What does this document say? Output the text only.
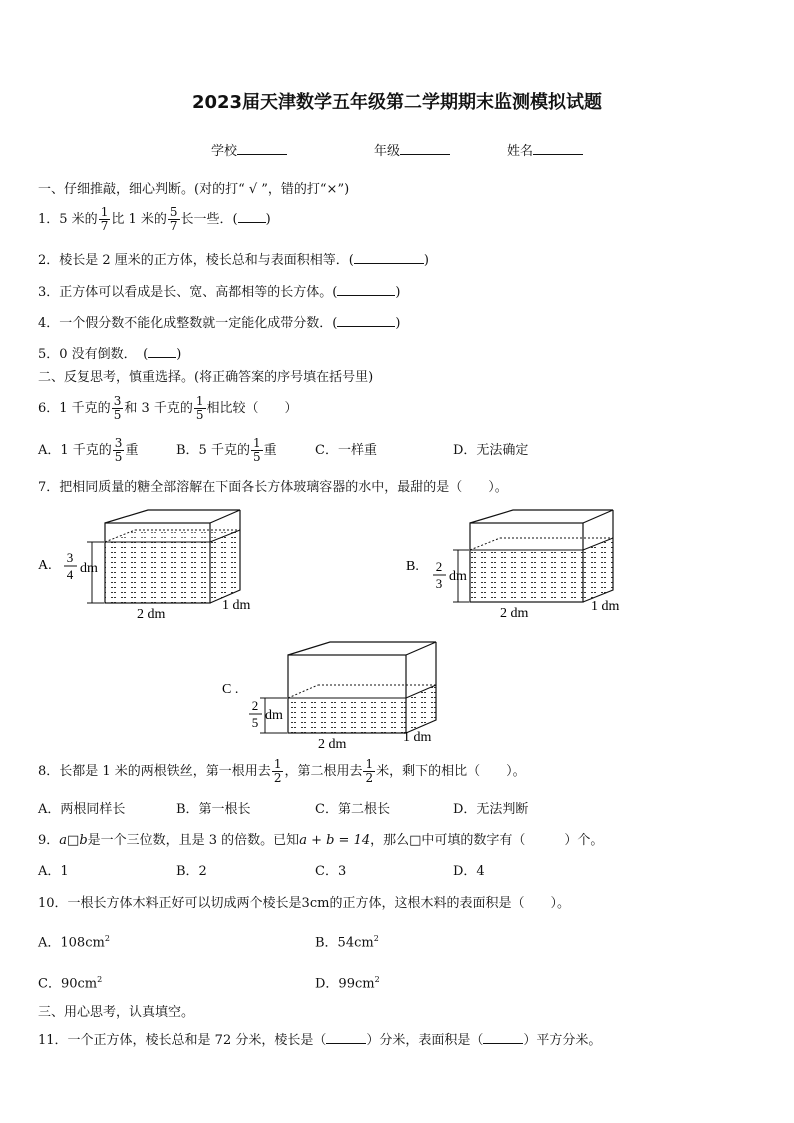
2023届天津数学五年级第二学期期末监测模拟试题
学校	年级	姓名
一、仔细推敲，细心判断。(对的打“ √ ”，错的打“×”)
1．5 米的 $\frac{1}{7}$ 比 1 米的 $\frac{5}{7}$ 长一些．( )
2．棱长是 2 厘米的正方体，棱长总和与表面积相等．(	)
3．正方体可以看成是长、宽、高都相等的长方体。(	)
4．一个假分数不能化成整数就一定能化成带分数．(	)
5．0 没有倒数．　( )
二、反复思考，慎重选择。(将正确答案的序号填在括号里)
6．1 千克的 $\frac{3}{5}$ 和 3 千克的 $\frac{1}{5}$ 相比较（　　）
A．1 千克的 $\frac{3}{5}$ 重	B．5 千克的 $\frac{1}{5}$ 重	C．一样重	D．无法确定
7．把相同质量的糖全部溶解在下面各长方体玻璃容器的水中，最甜的是（　　）。
A.
3
4 dm
2 dm
1 dm
B. 2
3 dm
2 dm	1 dm
C .
2
5 dm
2 dm	1 dm
8．长都是 1 米的两根铁丝，第一根用去 $\frac{1}{2}$ ，第二根用去 $\frac{1}{2}$ 米，剩下的相比（　　）。
A．两根同样长	B．第一根长	C．第二根长	D．无法判断
9．a□b是一个三位数，且是 3 的倍数。已知a + b = 14，那么□中可填的数字有（　　　）个。
A．1	B．2	C．3	D．4
10．一根长方体木料正好可以切成两个棱长是3cm的正方体，这根木料的表面积是（　　）。
A．$108cm^2$	B．$54cm^2$
C．$90cm^2$	D．$99cm^2$
三、用心思考，认真填空。
11．一个正方体，棱长总和是 72 分米，棱长是（	）分米，表面积是（	）平方分米。
